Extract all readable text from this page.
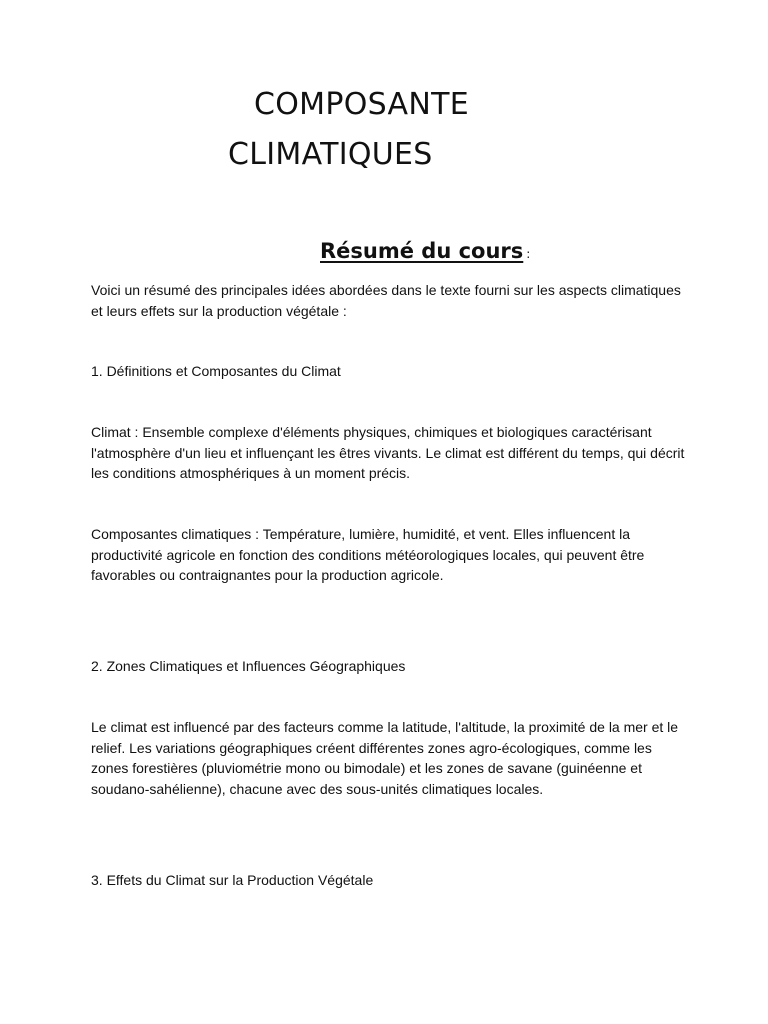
COMPOSANTE
CLIMATIQUES
Résumé du cours :

Voici un résumé des principales idées abordées dans le texte fourni sur les aspects climatiques et leurs effets sur la production végétale :

1. Définitions et Composantes du Climat

Climat : Ensemble complexe d'éléments physiques, chimiques et biologiques caractérisant l'atmosphère d'un lieu et influençant les êtres vivants. Le climat est différent du temps, qui décrit les conditions atmosphériques à un moment précis.

Composantes climatiques : Température, lumière, humidité, et vent. Elles influencent la productivité agricole en fonction des conditions météorologiques locales, qui peuvent être favorables ou contraignantes pour la production agricole.

2. Zones Climatiques et Influences Géographiques

Le climat est influencé par des facteurs comme la latitude, l'altitude, la proximité de la mer et le relief. Les variations géographiques créent différentes zones agro-écologiques, comme les zones forestières (pluviométrie mono ou bimodale) et les zones de savane (guinéenne et soudano-sahélienne), chacune avec des sous-unités climatiques locales.

3. Effets du Climat sur la Production Végétale
